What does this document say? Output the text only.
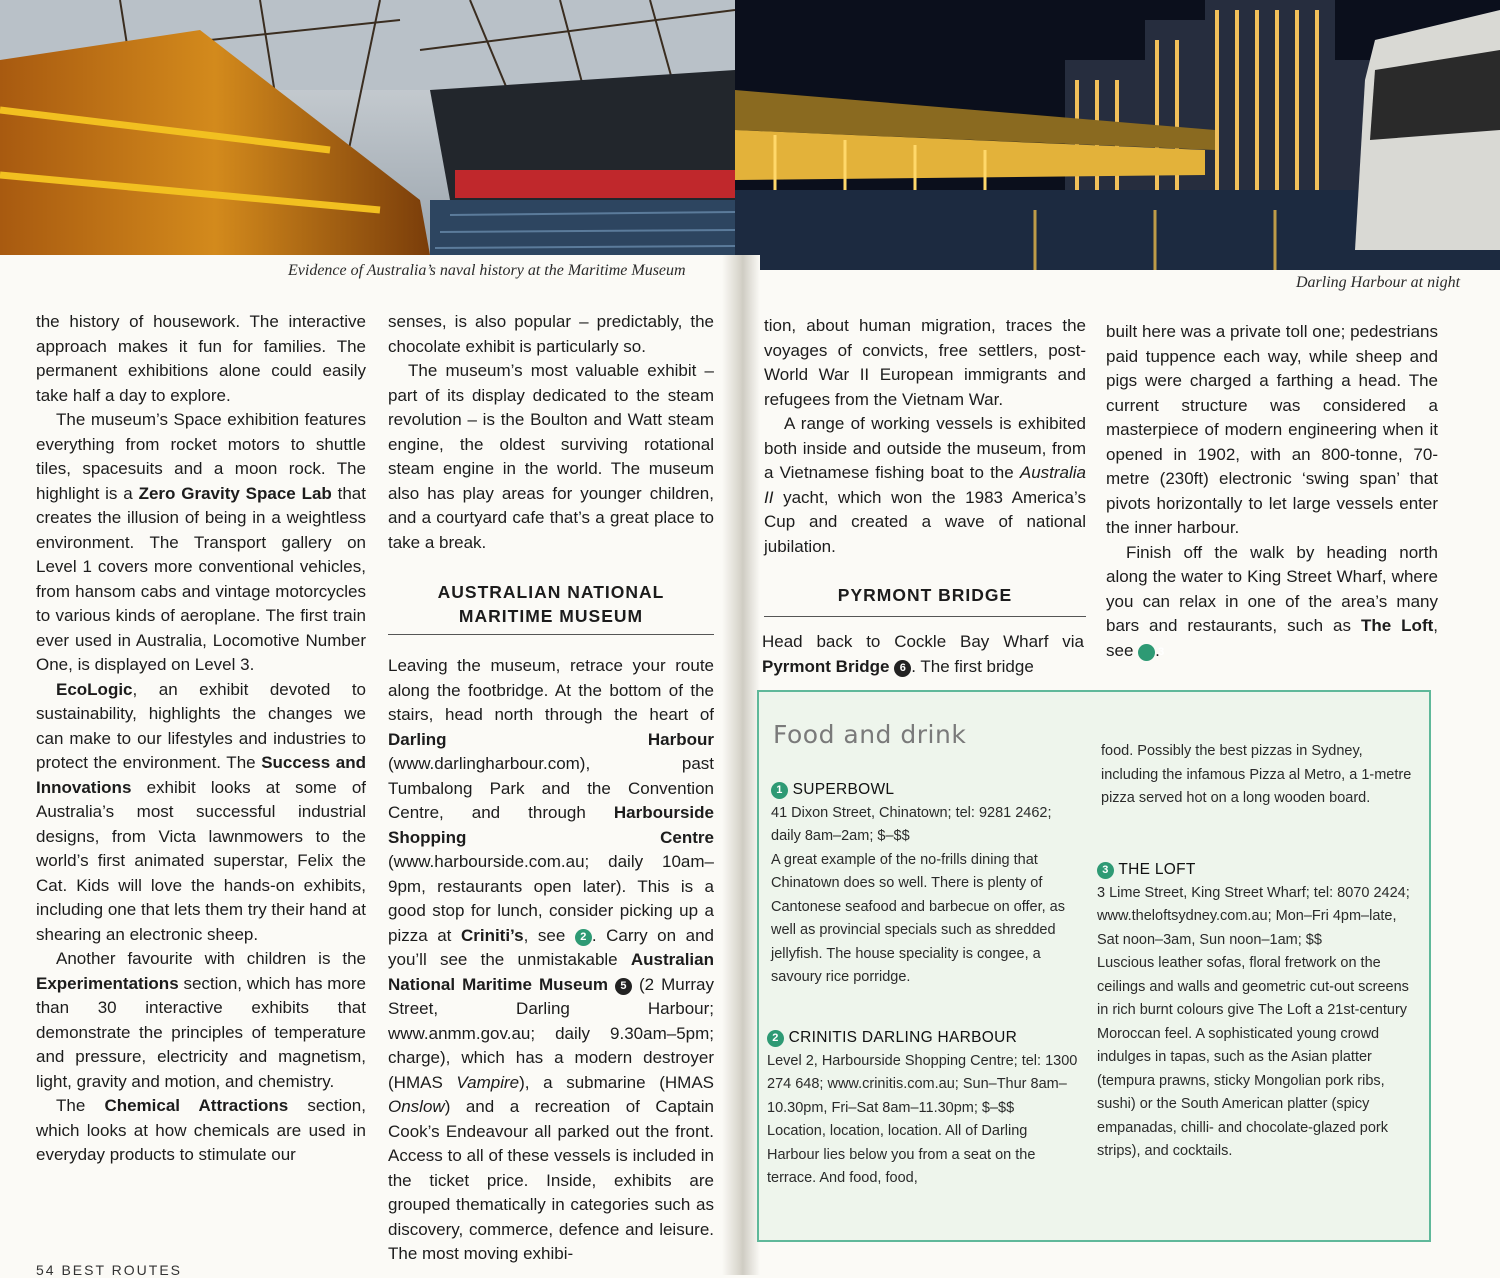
Evidence of Australia’s naval history at the Maritime Museum
Darling Harbour at night

the history of housework. The interactive approach makes it fun for families. The permanent exhibitions alone could easily take half a day to explore.

The museum’s Space exhibition features everything from rocket motors to shuttle tiles, spacesuits and a moon rock. The highlight is a Zero Gravity Space Lab that creates the illusion of being in a weightless environment. The Transport gallery on Level 1 covers more conventional vehicles, from hansom cabs and vintage motorcycles to various kinds of aeroplane. The first train ever used in Australia, Locomotive Number One, is displayed on Level 3.

EcoLogic, an exhibit devoted to sustainability, highlights the changes we can make to our lifestyles and industries to protect the environment. The Success and Innovations exhibit looks at some of Australia’s most successful industrial designs, from Victa lawnmowers to the world’s first animated superstar, Felix the Cat. Kids will love the hands-on exhibits, including one that lets them try their hand at shearing an electronic sheep.

Another favourite with children is the Experimentations section, which has more than 30 interactive exhibits that demonstrate the principles of temperature and pressure, electricity and magnetism, light, gravity and motion, and chemistry.

The Chemical Attractions section, which looks at how chemicals are used in everyday products to stimulate our

senses, is also popular – predictably, the chocolate exhibit is particularly so.

The museum’s most valuable exhibit – part of its display dedicated to the steam revolution – is the Boulton and Watt steam engine, the oldest surviving rotational steam engine in the world. The museum also has play areas for younger children, and a courtyard cafe that’s a great place to take a break.

AUSTRALIAN NATIONAL
MARITIME MUSEUM

Leaving the museum, retrace your route along the footbridge. At the bottom of the stairs, head north through the heart of Darling Harbour (www.darlingharbour.com), past Tumbalong Park and the Convention Centre, and through Harbourside Shopping Centre (www.harbourside.com.au; daily 10am–9pm, restaurants open later). This is a good stop for lunch, consider picking up a pizza at Criniti’s, see 2 . Carry on and you’ll see the unmistakable Australian National Maritime Museum 5 (2 Murray Street, Darling Harbour; www.anmm.gov.au; daily 9.30am–5pm; charge), which has a modern destroyer (HMAS Vampire), a submarine (HMAS Onslow) and a recreation of Captain Cook’s Endeavour all parked out the front. Access to all of these vessels is included in the ticket price. Inside, exhibits are grouped thematically in categories such as discovery, commerce, defence and leisure. The most moving exhibi-

tion, about human migration, traces the voyages of convicts, free settlers, post-World War II European immigrants and refugees from the Vietnam War.

A range of working vessels is exhibited both inside and outside the museum, from a Vietnamese fishing boat to the Australia II yacht, which won the 1983 America’s Cup and created a wave of national jubilation.

PYRMONT BRIDGE

Head back to Cockle Bay Wharf via Pyrmont Bridge 6 . The first bridge

built here was a private toll one; pedestrians paid tuppence each way, while sheep and pigs were charged a farthing a head. The current structure was considered a masterpiece of modern engineering when it opened in 1902, with an 800-tonne, 70-metre (230ft) electronic ‘swing span’ that pivots horizontally to let large vessels enter the inner harbour.

Finish off the walk by heading north along the water to King Street Wharf, where you can relax in one of the area’s many bars and restaurants, such as The Loft, see 3.

Food and drink

1 SUPERBOWL

41 Dixon Street, Chinatown; tel: 9281 2462; daily 8am–2am; $–$$

A great example of the no-frills dining that Chinatown does so well. There is plenty of Cantonese seafood and barbecue on offer, as well as provincial specials such as shredded jellyfish. The house speciality is congee, a savoury rice porridge.

2 CRINITIS DARLING HARBOUR

Level 2, Harbourside Shopping Centre; tel: 1300 274 648; www.crinitis.com.au; Sun–Thur 8am–10.30pm, Fri–Sat 8am–11.30pm; $–$$

Location, location, location. All of Darling Harbour lies below you from a seat on the terrace. And food, food,

food. Possibly the best pizzas in Sydney, including the infamous Pizza al Metro, a 1-metre pizza served hot on a long wooden board.

3 THE LOFT

3 Lime Street, King Street Wharf; tel: 8070 2424; www.theloftsydney.com.au; Mon–Fri 4pm–late, Sat noon–3am, Sun noon–1am; $$

Luscious leather sofas, floral fretwork on the ceilings and walls and geometric cut-out screens in rich burnt colours give The Loft a 21st-century Moroccan feel. A sophisticated young crowd indulges in tapas, such as the Asian platter (tempura prawns, sticky Mongolian pork ribs, sushi) or the South American platter (spicy empanadas, chilli- and chocolate-glazed pork strips), and cocktails.

54 BEST ROUTES
